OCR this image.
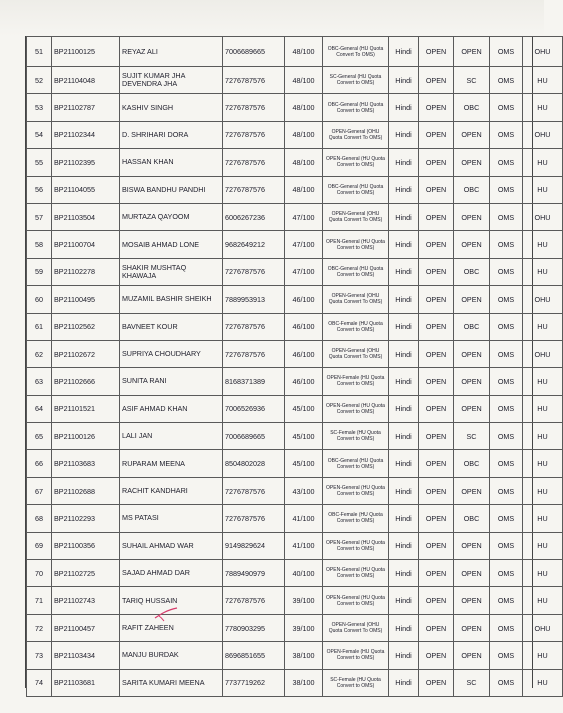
51	BP21100125	REYAZ ALI	7006689665	48/100	OBC-General (HU Quota Convert To OMS)	Hindi	OPEN	OPEN	OMS	OHU
52	BP21104048	SUJIT KUMAR JHA DEVENDRA JHA	7276787576	48/100	SC-General (HU Quota Convert to OMS)	Hindi	OPEN	SC	OMS	HU
53	BP21102787	KASHIV SINGH	7276787576	48/100	OBC-General (HU Quota Convert to OMS)	Hindi	OPEN	OBC	OMS	HU
54	BP21102344	D. SHRIHARI DORA	7276787576	48/100	OPEN-General (OHU Quota Convert To OMS)	Hindi	OPEN	OPEN	OMS	OHU
55	BP21102395	HASSAN KHAN	7276787576	48/100	OPEN-General (HU Quota Convert to OMS)	Hindi	OPEN	OPEN	OMS	HU
56	BP21104055	BISWA BANDHU PANDHI	7276787576	48/100	OBC-General (HU Quota Convert to OMS)	Hindi	OPEN	OBC	OMS	HU
57	BP21103504	MURTAZA QAYOOM	6006267236	47/100	OPEN-General (OHU Quota Convert To OMS)	Hindi	OPEN	OPEN	OMS	OHU
58	BP21100704	MOSAIB AHMAD LONE	9682649212	47/100	OPEN-General (HU Quota Convert to OMS)	Hindi	OPEN	OPEN	OMS	HU
59	BP21102278	SHAKIR MUSHTAQ KHAWAJA	7276787576	47/100	OBC-General (HU Quota Convert to OMS)	Hindi	OPEN	OBC	OMS	HU
60	BP21100495	MUZAMIL BASHIR SHEIKH	7889953913	46/100	OPEN-General (OHU Quota Convert To OMS)	Hindi	OPEN	OPEN	OMS	OHU
61	BP21102562	BAVNEET KOUR	7276787576	46/100	OBC-Female (HU Quota Convert to OMS)	Hindi	OPEN	OBC	OMS	HU
62	BP21102672	SUPRIYA CHOUDHARY	7276787576	46/100	OPEN-General (OHU Quota Convert To OMS)	Hindi	OPEN	OPEN	OMS	OHU
63	BP21102666	SUNITA RANI	8168371389	46/100	OPEN-Female (HU Quota Convert to OMS)	Hindi	OPEN	OPEN	OMS	HU
64	BP21101521	ASIF AHMAD KHAN	7006526936	45/100	OPEN-General (HU Quota Convert to OMS)	Hindi	OPEN	OPEN	OMS	HU
65	BP21100126	LALI JAN	7006689665	45/100	SC-Female (HU Quota Convert to OMS)	Hindi	OPEN	SC	OMS	HU
66	BP21103683	RUPARAM MEENA	8504802028	45/100	OBC-General (HU Quota Convert to OMS)	Hindi	OPEN	OBC	OMS	HU
67	BP21102688	RACHIT KANDHARI	7276787576	43/100	OPEN-General (HU Quota Convert to OMS)	Hindi	OPEN	OPEN	OMS	HU
68	BP21102293	MS PATASI	7276787576	41/100	OBC-Female (HU Quota Convert to OMS)	Hindi	OPEN	OBC	OMS	HU
69	BP21100356	SUHAIL AHMAD WAR	9149829624	41/100	OPEN-General (HU Quota Convert to OMS)	Hindi	OPEN	OPEN	OMS	HU
70	BP21102725	SAJAD AHMAD DAR	7889490979	40/100	OPEN-General (HU Quota Convert to OMS)	Hindi	OPEN	OPEN	OMS	HU
71	BP21102743	TARIQ HUSSAIN	7276787576	39/100	OPEN-General (HU Quota Convert to OMS)	Hindi	OPEN	OPEN	OMS	HU
72	BP21100457	RAFIT ZAHEEN	7780903295	39/100	OPEN-General (OHU Quota Convert To OMS)	Hindi	OPEN	OPEN	OMS	OHU
73	BP21103434	MANJU BURDAK	8696851655	38/100	OPEN-Female (HU Quota Convert to OMS)	Hindi	OPEN	OPEN	OMS	HU
74	BP21103681	SARITA KUMARI MEENA	7737719262	38/100	SC-Female (HU Quota Convert to OMS)	Hindi	OPEN	SC	OMS	HU
